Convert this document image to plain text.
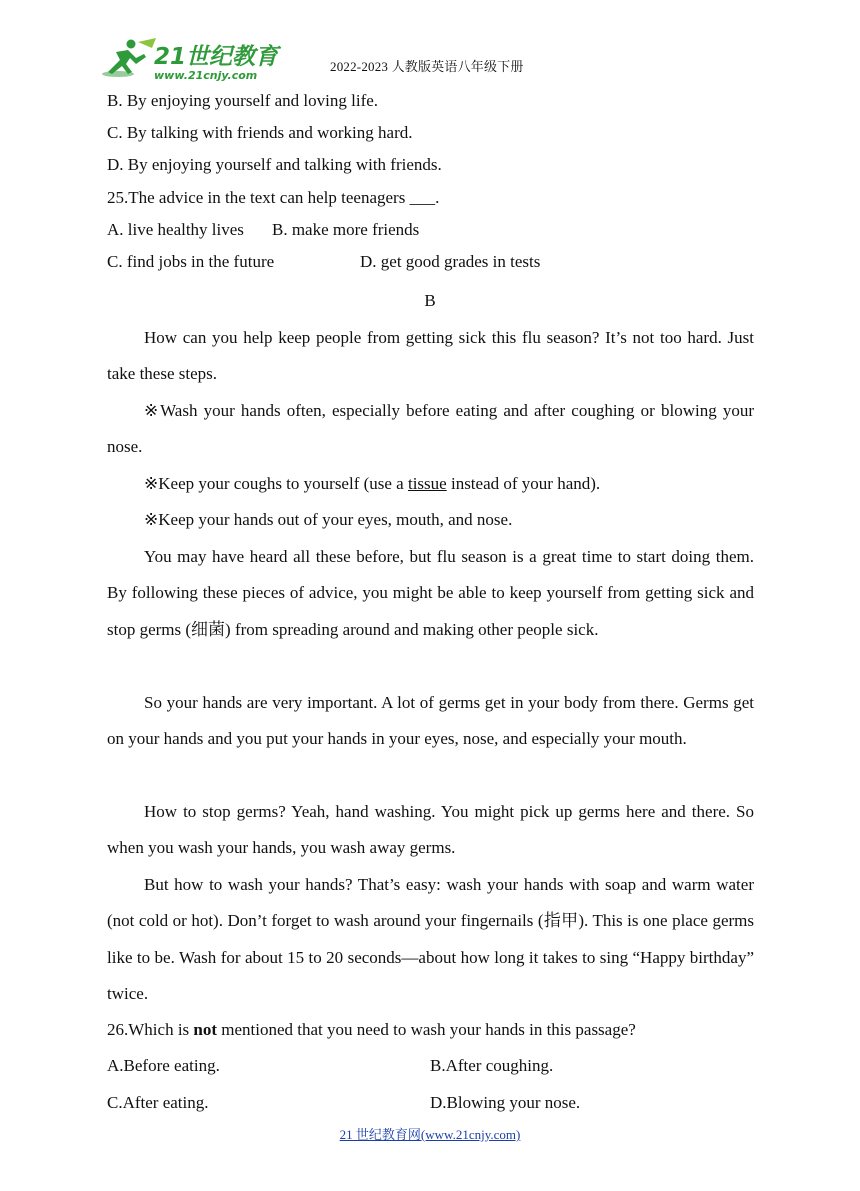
21世纪教育
www.21cnjy.com
2022-2023 人教版英语八年级下册
B. By enjoying yourself and loving life.
C. By talking with friends and working hard.
D. By enjoying yourself and talking with friends.
25.The advice in the text can help teenagers ___.
A. live healthy lives B. make more friends
C. find jobs in the future	D. get good grades in tests
B
How can you help keep people from getting sick this flu season? It’s not too hard. Just take these steps.
※Wash your hands often, especially before eating and after coughing or blowing your nose.
※Keep your coughs to yourself (use a tissue instead of your hand).
※Keep your hands out of your eyes, mouth, and nose.
You may have heard all these before, but flu season is a great time to start doing them. By following these pieces of advice, you might be able to keep yourself from getting sick and stop germs (细菌) from spreading around and making other people sick.
So your hands are very important. A lot of germs get in your body from there. Germs get on your hands and you put your hands in your eyes, nose, and especially your mouth.
How to stop germs? Yeah, hand washing. You might pick up germs here and there. So when you wash your hands, you wash away germs.
But how to wash your hands? That’s easy: wash your hands with soap and warm water (not cold or hot). Don’t forget to wash around your fingernails (指甲). This is one place germs like to be. Wash for about 15 to 20 seconds—about how long it takes to sing “Happy birthday” twice.
26.Which is not mentioned that you need to wash your hands in this passage?
A.Before eating.	B.After coughing.
C.After eating.	D.Blowing your nose.
21 世纪教育网(www.21cnjy.com)
